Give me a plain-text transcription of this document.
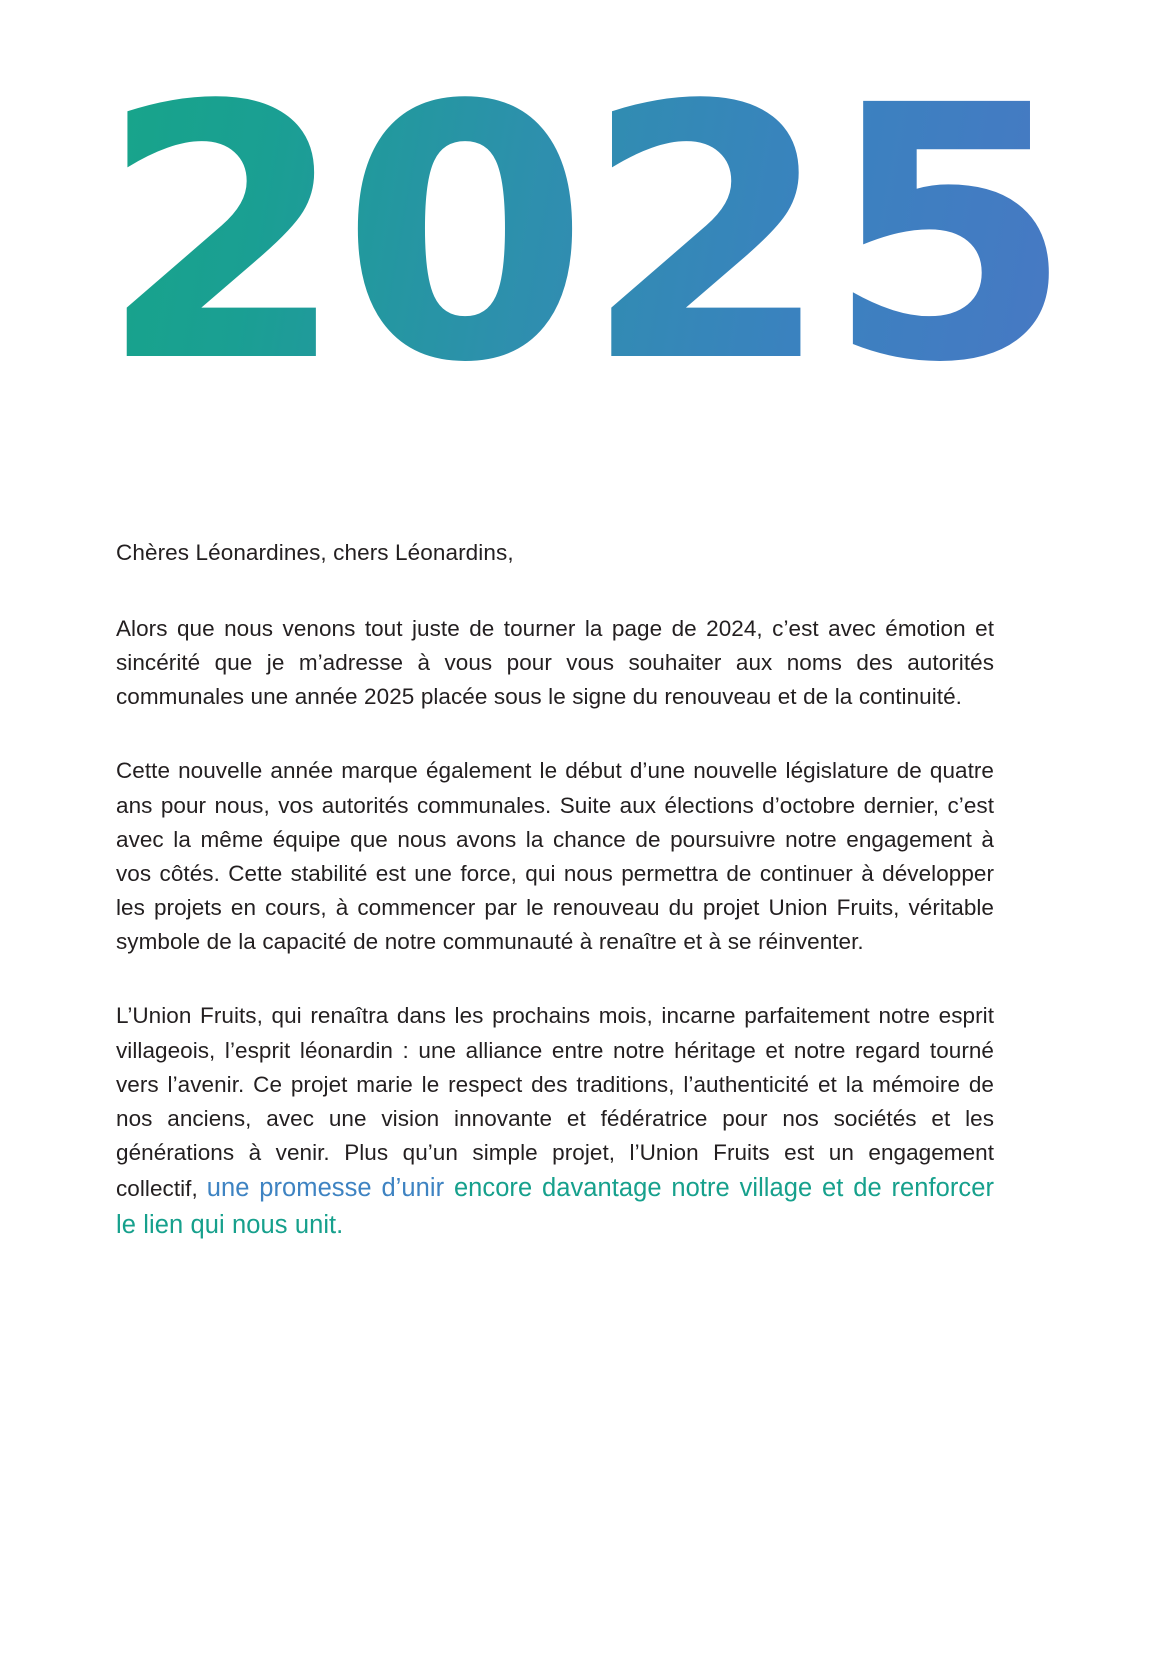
2025

Chères Léonardines, chers Léonardins,

Alors que nous venons tout juste de tourner la page de 2024, c’est avec émotion et sincérité que je m’adresse à vous pour vous souhaiter aux noms des autorités communales une année 2025 placée sous le signe du renouveau et de la continuité.

Cette nouvelle année marque également le début d’une nouvelle législature de quatre ans pour nous, vos autorités communales. Suite aux élections d’octobre dernier, c’est avec la même équipe que nous avons la chance de poursuivre notre engagement à vos côtés. Cette stabilité est une force, qui nous permettra de continuer à développer les projets en cours, à commencer par le renouveau du projet Union Fruits, véritable symbole de la capacité de notre communauté à renaître et à se réinventer.

L’Union Fruits, qui renaîtra dans les prochains mois, incarne parfaitement notre esprit villageois, l’esprit léonardin : une alliance entre notre héritage et notre regard tourné vers l’avenir. Ce projet marie le respect des traditions, l’authenticité et la mémoire de nos anciens, avec une vision innovante et fédératrice pour nos sociétés et les générations à venir. Plus qu’un simple projet, l’Union Fruits est un engagement collectif, une promesse d’unir encore davantage notre village et de renforcer le lien qui nous unit.
